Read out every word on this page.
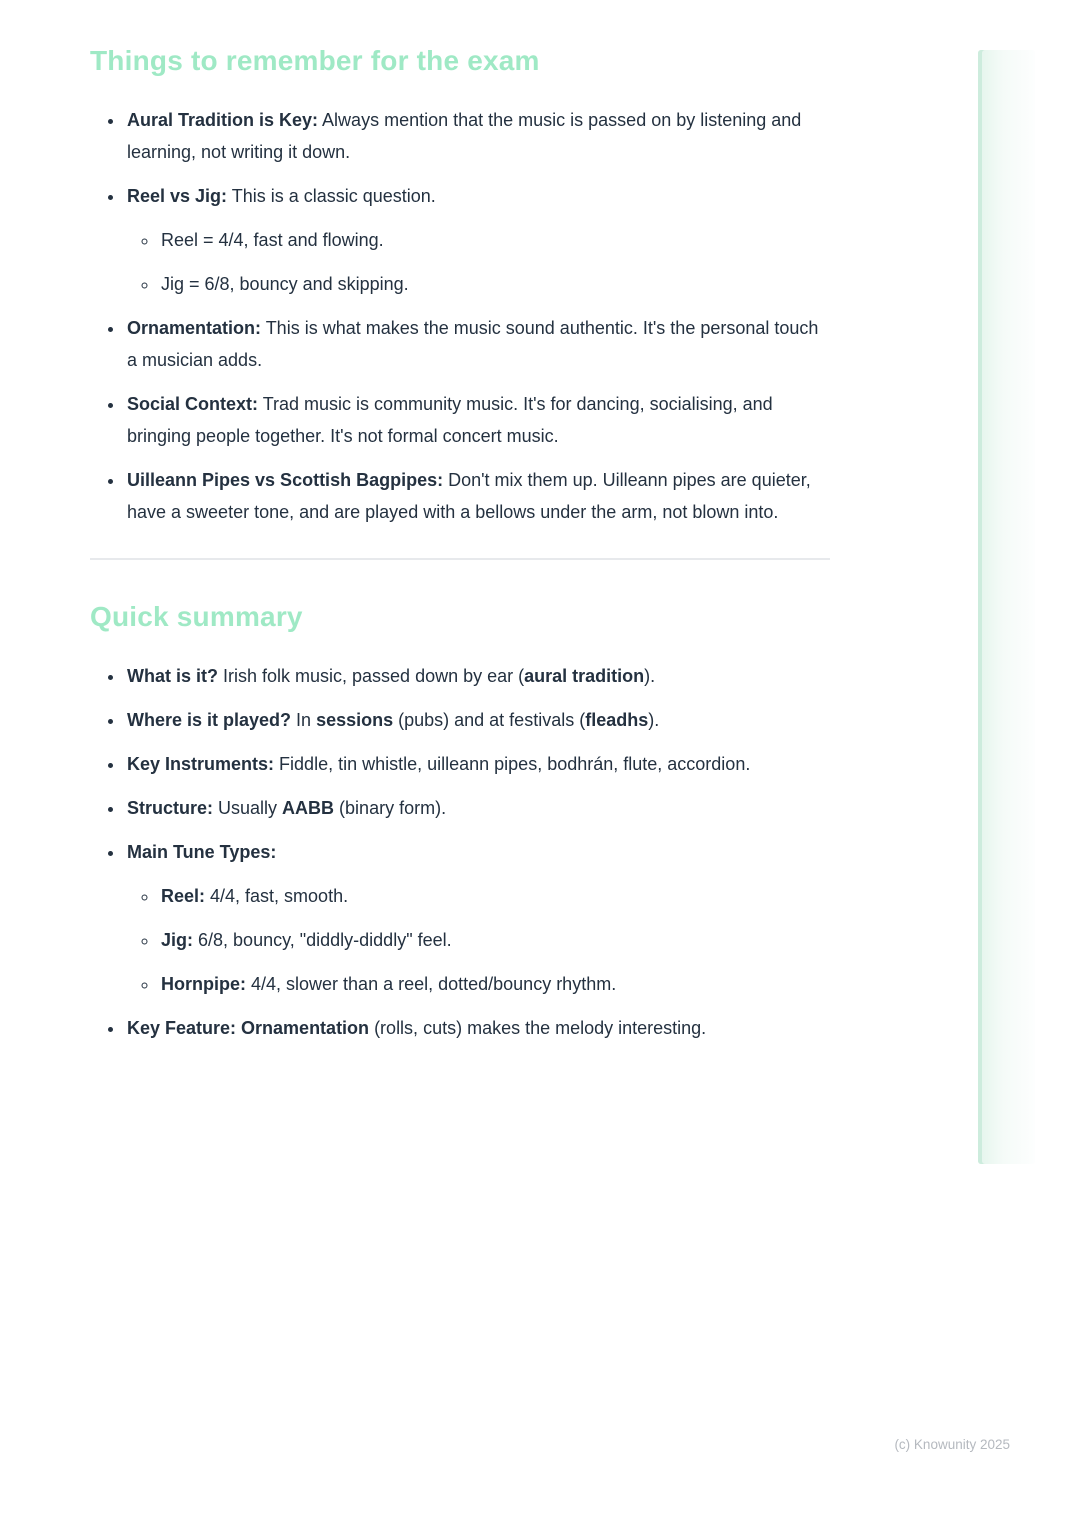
Things to remember for the exam
• Aural Tradition is Key: Always mention that the music is passed on by listening and learning, not writing it down.
• Reel vs Jig: This is a classic question.
◦ Reel = 4/4, fast and flowing.
◦ Jig = 6/8, bouncy and skipping.
• Ornamentation: This is what makes the music sound authentic. It's the personal touch a musician adds.
• Social Context: Trad music is community music. It's for dancing, socialising, and bringing people together. It's not formal concert music.
• Uilleann Pipes vs Scottish Bagpipes: Don't mix them up. Uilleann pipes are quieter, have a sweeter tone, and are played with a bellows under the arm, not blown into.
Quick summary
• What is it? Irish folk music, passed down by ear (aural tradition).
• Where is it played? In sessions (pubs) and at festivals (fleadhs).
• Key Instruments: Fiddle, tin whistle, uilleann pipes, bodhrán, flute, accordion.
• Structure: Usually AABB (binary form).
• Main Tune Types:
◦ Reel: 4/4, fast, smooth.
◦ Jig: 6/8, bouncy, "diddly-diddly" feel.
◦ Hornpipe: 4/4, slower than a reel, dotted/bouncy rhythm.
• Key Feature: Ornamentation (rolls, cuts) makes the melody interesting.
(c) Knowunity 2025
